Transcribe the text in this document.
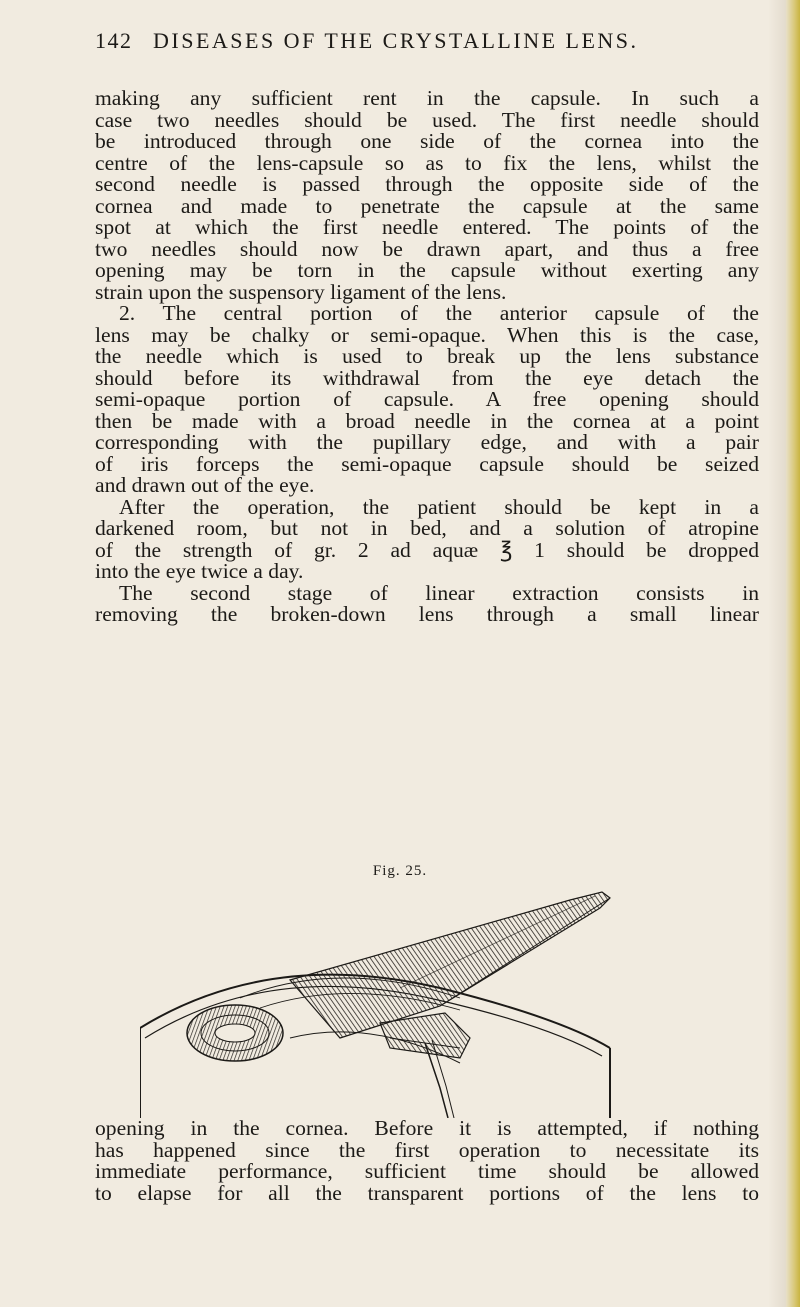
142 DISEASES OF THE CRYSTALLINE LENS.
making any sufficient rent in the capsule. In such a
case two needles should be used. The first needle should
be introduced through one side of the cornea into the
centre of the lens-capsule so as to fix the lens, whilst the
second needle is passed through the opposite side of the
cornea and made to penetrate the capsule at the same
spot at which the first needle entered. The points of the
two needles should now be drawn apart, and thus a free
opening may be torn in the capsule without exerting any
strain upon the suspensory ligament of the lens.
2. The central portion of the anterior capsule of the
lens may be chalky or semi-opaque. When this is the case,
the needle which is used to break up the lens substance
should before its withdrawal from the eye detach the
semi-opaque portion of capsule. A free opening should
then be made with a broad needle in the cornea at a point
corresponding with the pupillary edge, and with a pair
of iris forceps the semi-opaque capsule should be seized
and drawn out of the eye.
After the operation, the patient should be kept in a
darkened room, but not in bed, and a solution of atropine
of the strength of gr. 2 ad aquæ ℥ 1 should be dropped
into the eye twice a day.
The second stage of linear extraction consists in
removing the broken-down lens through a small linear
Fig. 25.
opening in the cornea. Before it is attempted, if nothing
has happened since the first operation to necessitate its
immediate performance, sufficient time should be allowed
to elapse for all the transparent portions of the lens to
